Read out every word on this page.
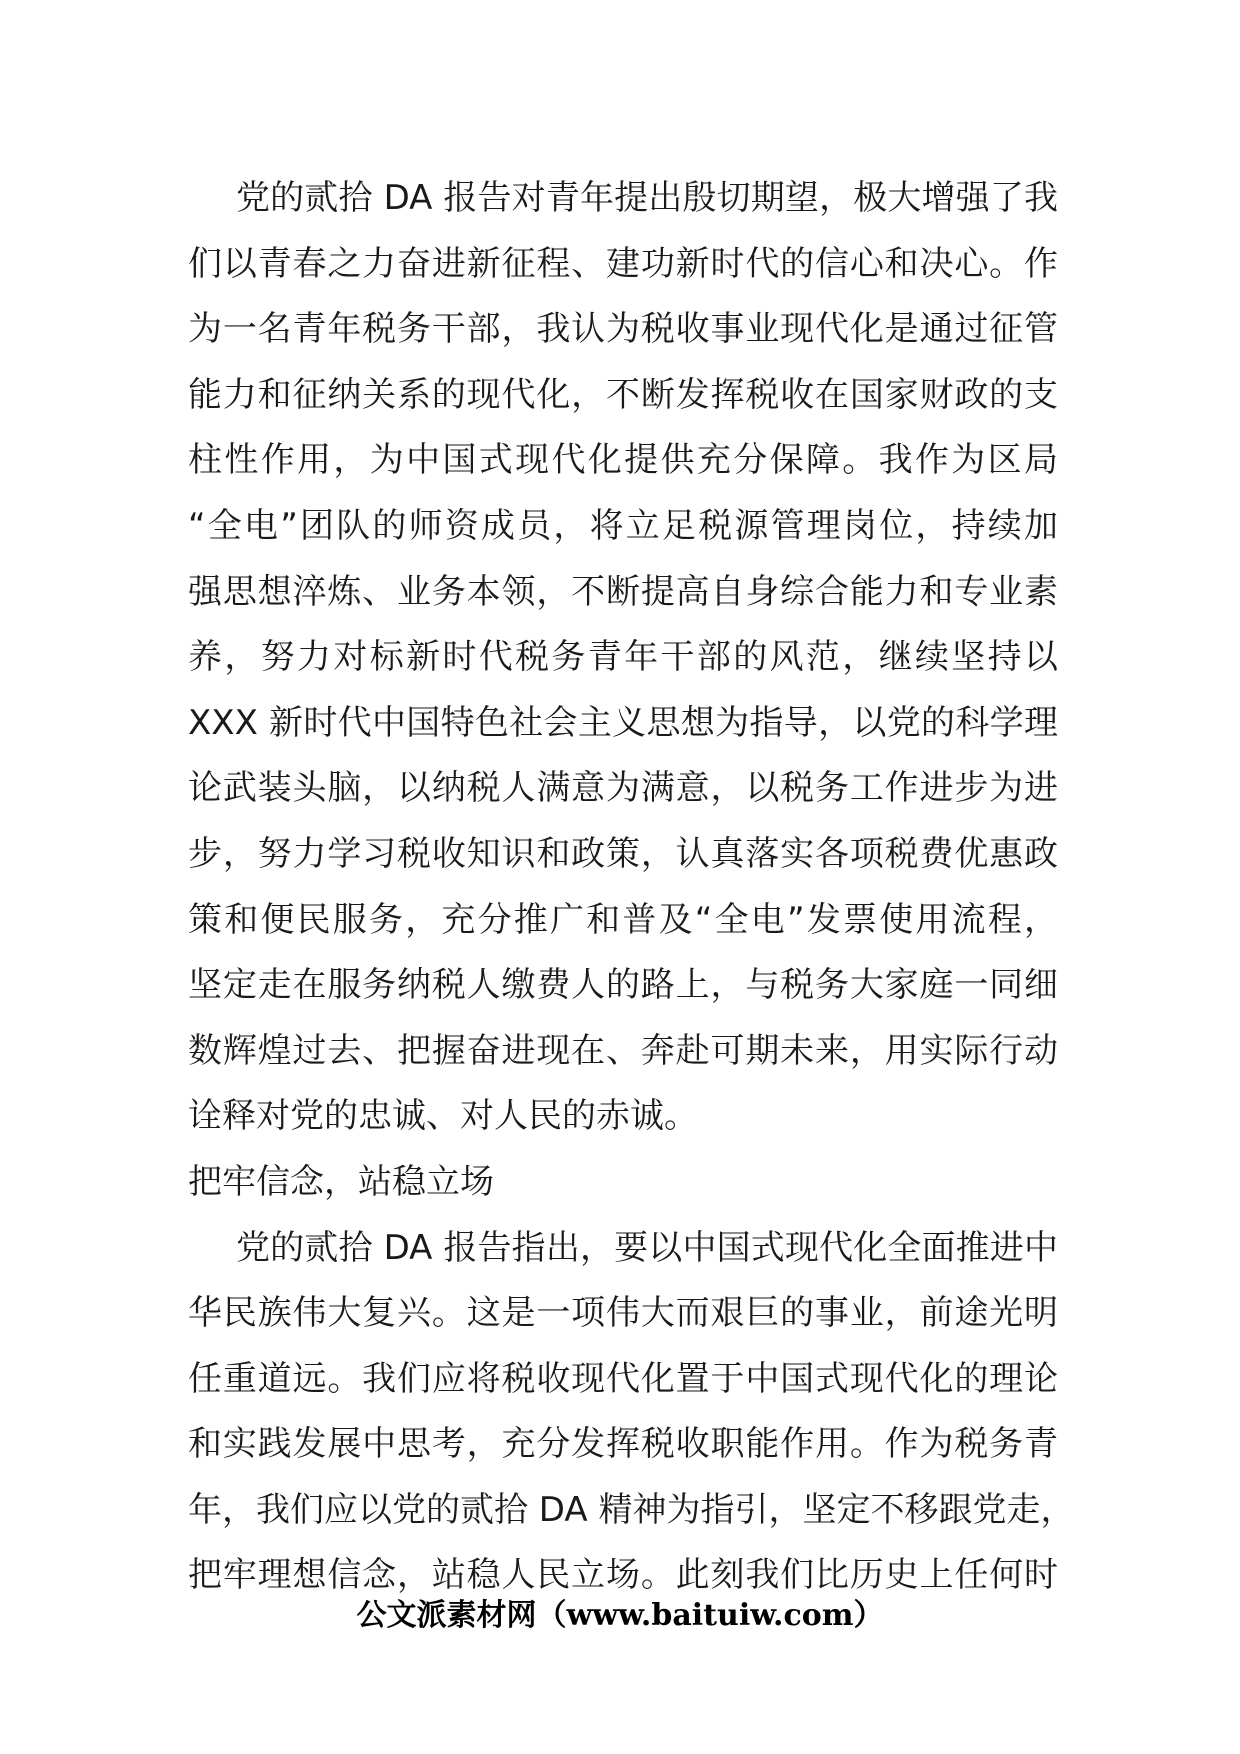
党的贰拾 DA 报告对青年提出殷切期望，极大增强了我
们以青春之力奋进新征程、建功新时代的信心和决心。作
为一名青年税务干部，我认为税收事业现代化是通过征管
能力和征纳关系的现代化，不断发挥税收在国家财政的支
柱性作用，为中国式现代化提供充分保障。我作为区局
“全电”团队的师资成员，将立足税源管理岗位，持续加
强思想淬炼、业务本领，不断提高自身综合能力和专业素
养，努力对标新时代税务青年干部的风范，继续坚持以
XXX 新时代中国特色社会主义思想为指导，以党的科学理
论武装头脑，以纳税人满意为满意，以税务工作进步为进
步，努力学习税收知识和政策，认真落实各项税费优惠政
策和便民服务，充分推广和普及“全电”发票使用流程，
坚定走在服务纳税人缴费人的路上，与税务大家庭一同细
数辉煌过去、把握奋进现在、奔赴可期未来，用实际行动
诠释对党的忠诚、对人民的赤诚。
把牢信念，站稳立场
党的贰拾 DA 报告指出，要以中国式现代化全面推进中
华民族伟大复兴。这是一项伟大而艰巨的事业，前途光明
任重道远。我们应将税收现代化置于中国式现代化的理论
和实践发展中思考，充分发挥税收职能作用。作为税务青
年，我们应以党的贰拾 DA 精神为指引，坚定不移跟党走，
把牢理想信念，站稳人民立场。此刻我们比历史上任何时
公文派素材网（www.baituiw.com）
